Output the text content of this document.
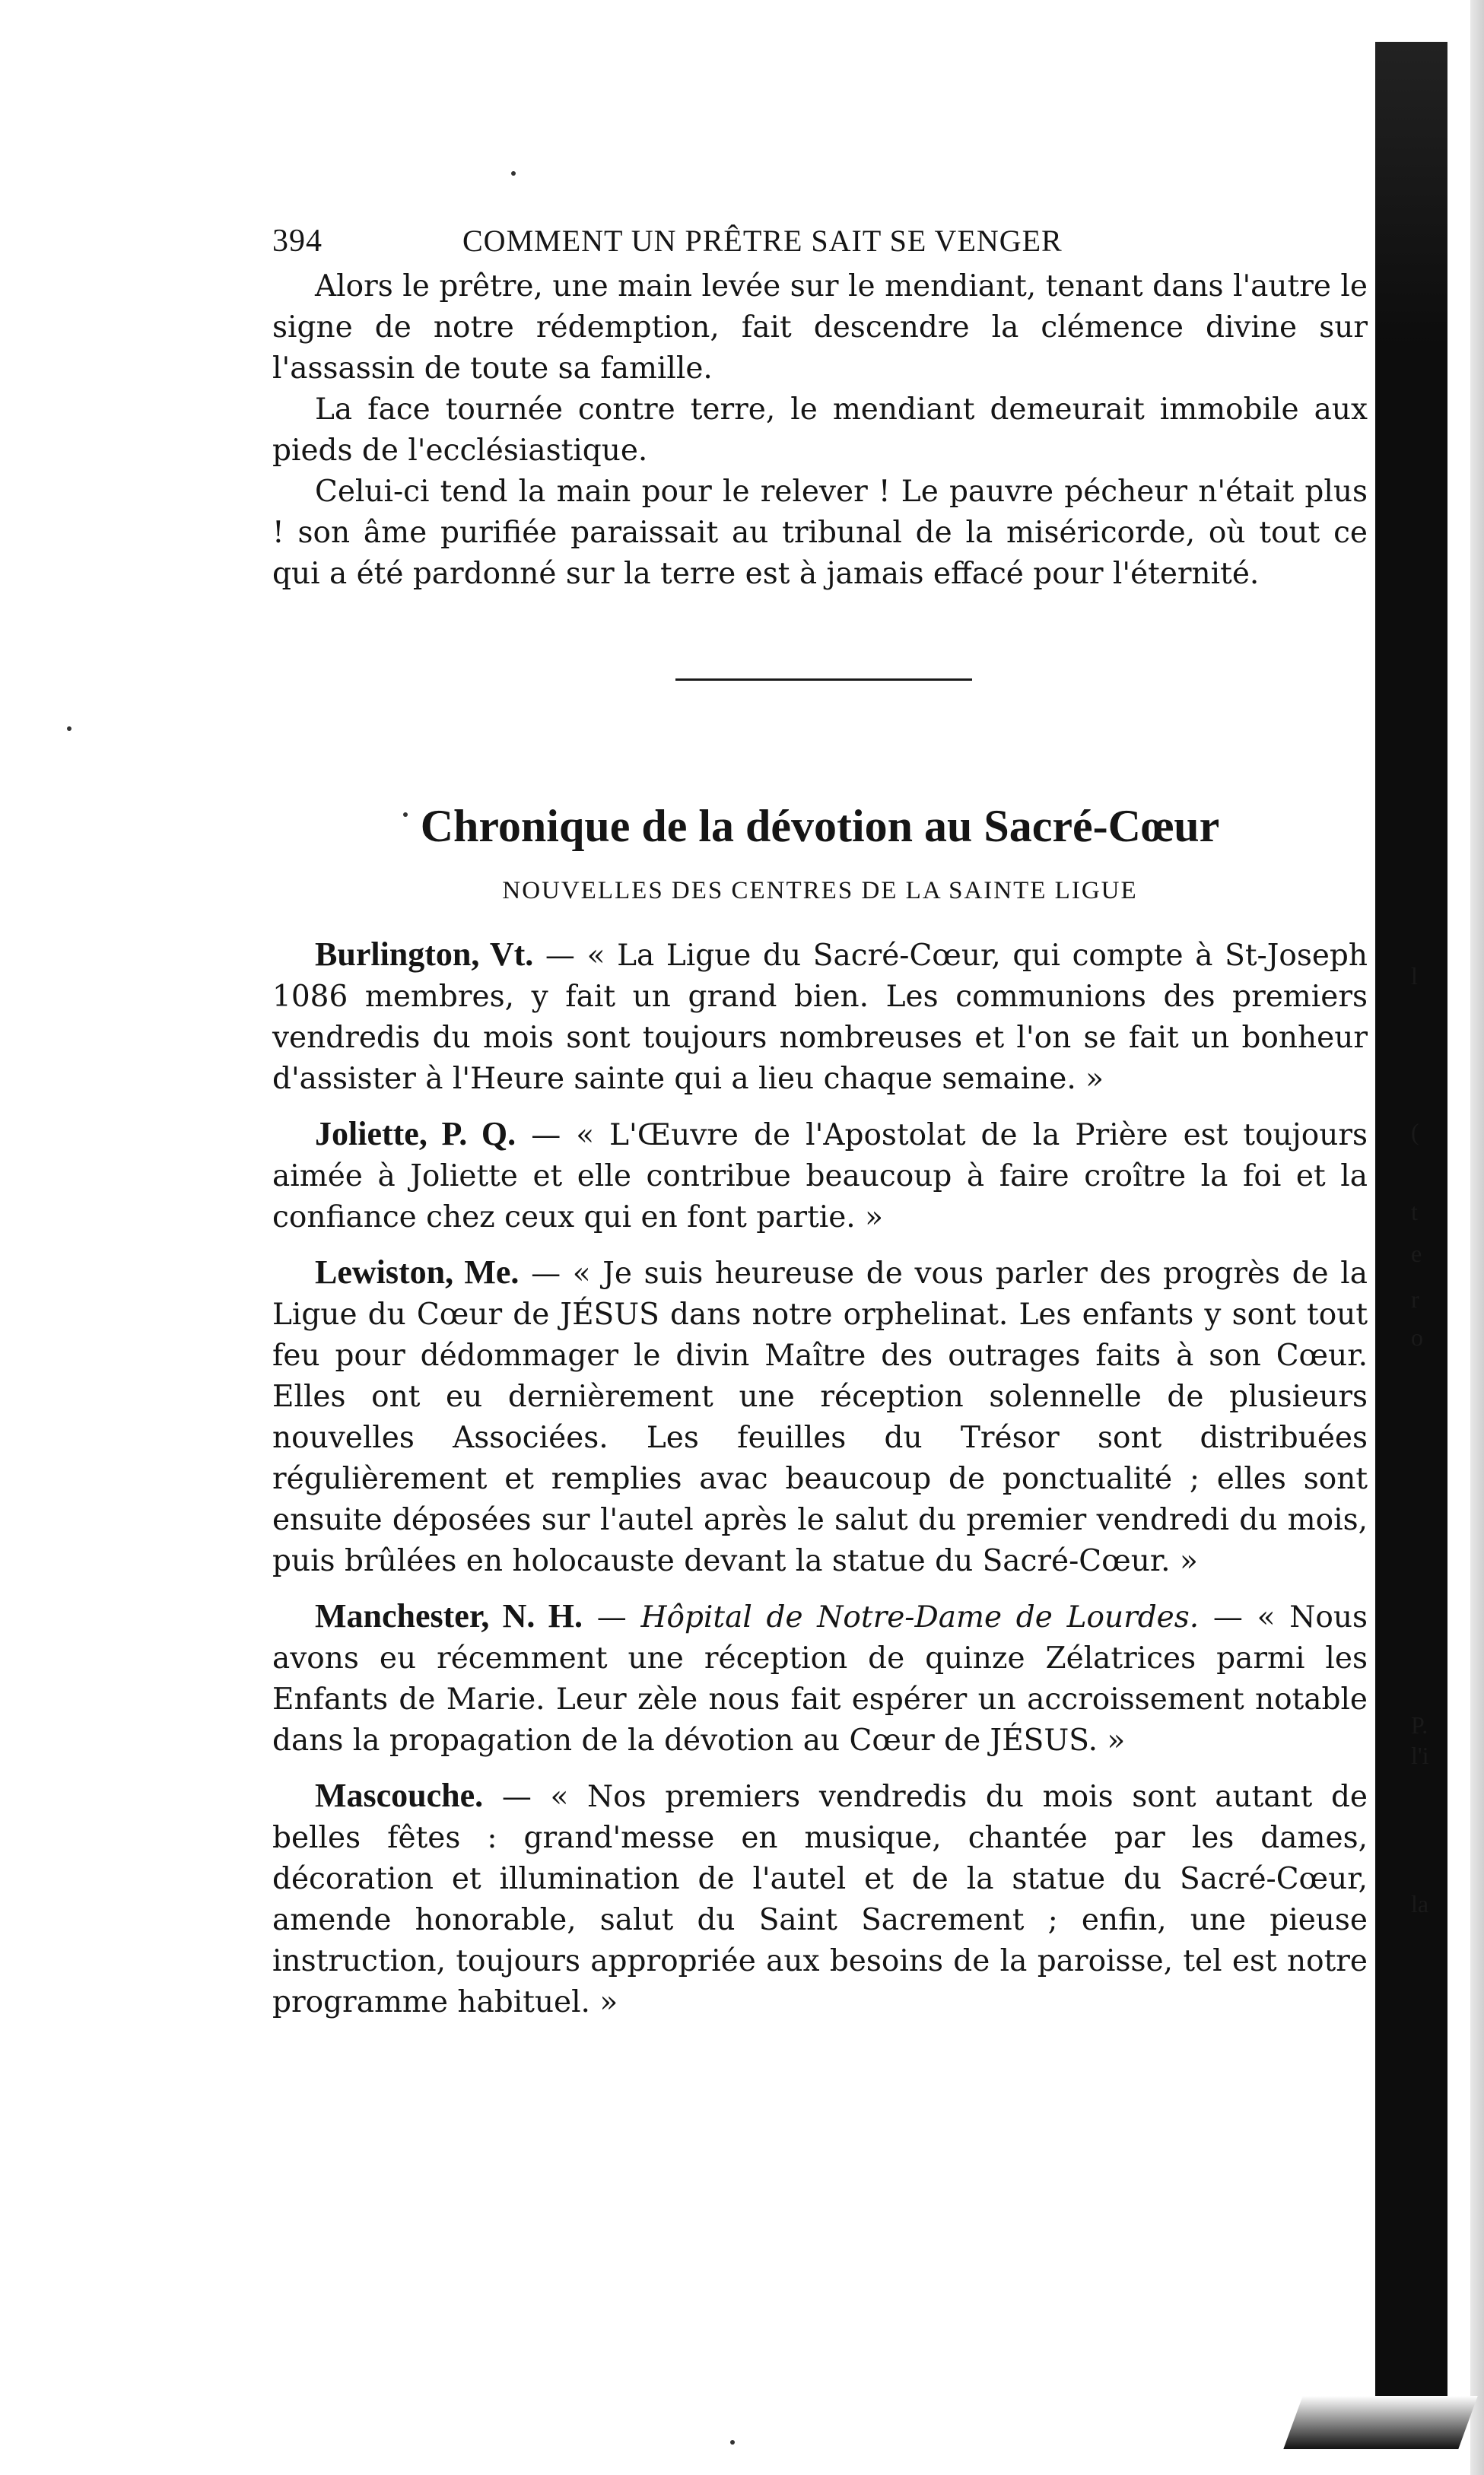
394	COMMENT UN PRÊTRE SAIT SE VENGER

Alors le prêtre, une main levée sur le mendiant, tenant dans l'autre le signe de notre rédemption, fait descendre la clémence divine sur l'assassin de toute sa famille.

La face tournée contre terre, le mendiant demeurait immobile aux pieds de l'ecclésiastique.

Celui-ci tend la main pour le relever ! Le pauvre pécheur n'était plus ! son âme purifiée paraissait au tribunal de la miséricorde, où tout ce qui a été pardonné sur la terre est à jamais effacé pour l'éternité.

Chronique de la dévotion au Sacré-Cœur
NOUVELLES DES CENTRES DE LA SAINTE LIGUE

Burlington, Vt. — « La Ligue du Sacré-Cœur, qui compte à St-Joseph 1086 membres, y fait un grand bien. Les communions des premiers vendredis du mois sont toujours nombreuses et l'on se fait un bonheur d'assister à l'Heure sainte qui a lieu chaque semaine. »

Joliette, P. Q. — « L'Œuvre de l'Apostolat de la Prière est toujours aimée à Joliette et elle contribue beaucoup à faire croître la foi et la confiance chez ceux qui en font partie. »

Lewiston, Me. — « Je suis heureuse de vous parler des progrès de la Ligue du Cœur de JÉSUS dans notre orphelinat. Les enfants y sont tout feu pour dédommager le divin Maître des outrages faits à son Cœur. Elles ont eu dernièrement une réception solennelle de plusieurs nouvelles Associées. Les feuilles du Trésor sont distribuées régulièrement et remplies avac beaucoup de ponctualité ; elles sont ensuite déposées sur l'autel après le salut du premier vendredi du mois, puis brûlées en holocauste devant la statue du Sacré-Cœur. »

Manchester, N. H. — Hôpital de Notre-Dame de Lourdes. — « Nous avons eu récemment une réception de quinze Zélatrices parmi les Enfants de Marie. Leur zèle nous fait espérer un accroissement notable dans la propagation de la dévotion au Cœur de JÉSUS. »

Mascouche. — « Nos premiers vendredis du mois sont autant de belles fêtes : grand'messe en musique, chantée par les dames, décoration et illumination de l'autel et de la statue du Sacré-Cœur, amende honorable, salut du Saint Sacrement ; enfin, une pieuse instruction, toujours appropriée aux besoins de la paroisse, tel est notre programme habituel. »

l
(
t
e
r
o
P.
l'i
la
